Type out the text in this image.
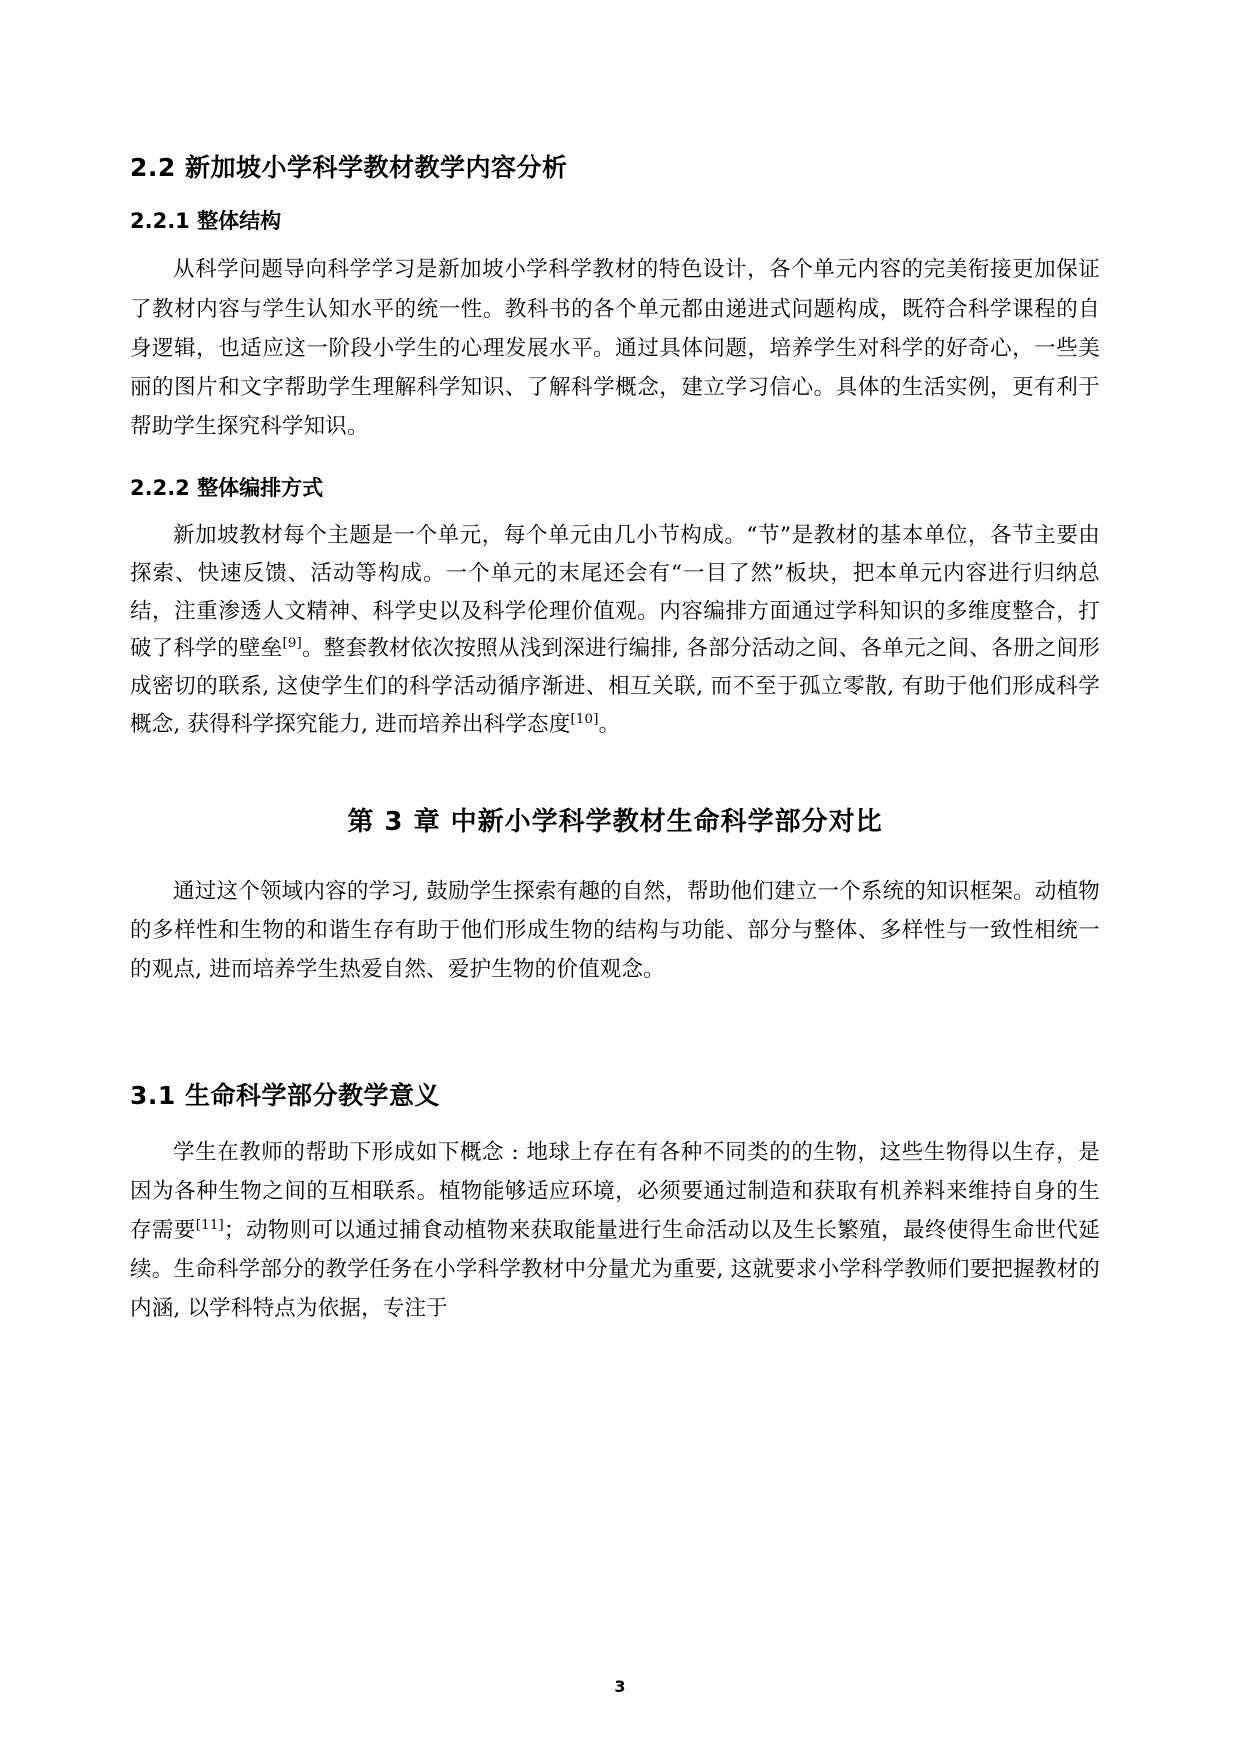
2.2 新加坡小学科学教材教学内容分析
2.2.1 整体结构

从科学问题导向科学学习是新加坡小学科学教材的特色设计，各个单元内容的完美衔接更加保证了教材内容与学生认知水平的统一性。教科书的各个单元都由递进式问题构成，既符合科学课程的自身逻辑，也适应这一阶段小学生的心理发展水平。通过具体问题，培养学生对科学的好奇心，一些美丽的图片和文字帮助学生理解科学知识、了解科学概念，建立学习信心。具体的生活实例，更有利于帮助学生探究科学知识。

2.2.2 整体编排方式

新加坡教材每个主题是一个单元，每个单元由几小节构成。“节”是教材的基本单位，各节主要由探索、快速反馈、活动等构成。一个单元的末尾还会有“一目了然”板块，把本单元内容进行归纳总结，注重渗透人文精神、科学史以及科学伦理价值观。内容编排方面通过学科知识的多维度整合，打破了科学的壁垒[9]。整套教材依次按照从浅到深进行编排, 各部分活动之间、各单元之间、各册之间形成密切的联系, 这使学生们的科学活动循序渐进、相互关联, 而不至于孤立零散, 有助于他们形成科学概念, 获得科学探究能力, 进而培养出科学态度[10]。

第 3 章 中新小学科学教材生命科学部分对比

通过这个领域内容的学习, 鼓励学生探索有趣的自然，帮助他们建立一个系统的知识框架。动植物的多样性和生物的和谐生存有助于他们形成生物的结构与功能、部分与整体、多样性与一致性相统一的观点, 进而培养学生热爱自然、爱护生物的价值观念。

3.1 生命科学部分教学意义

学生在教师的帮助下形成如下概念 : 地球上存在有各种不同类的的生物，这些生物得以生存，是因为各种生物之间的互相联系。植物能够适应环境，必须要通过制造和获取有机养料来维持自身的生存需要[11]；动物则可以通过捕食动植物来获取能量进行生命活动以及生长繁殖，最终使得生命世代延续。生命科学部分的教学任务在小学科学教材中分量尤为重要, 这就要求小学科学教师们要把握教材的内涵, 以学科特点为依据，专注于

3
